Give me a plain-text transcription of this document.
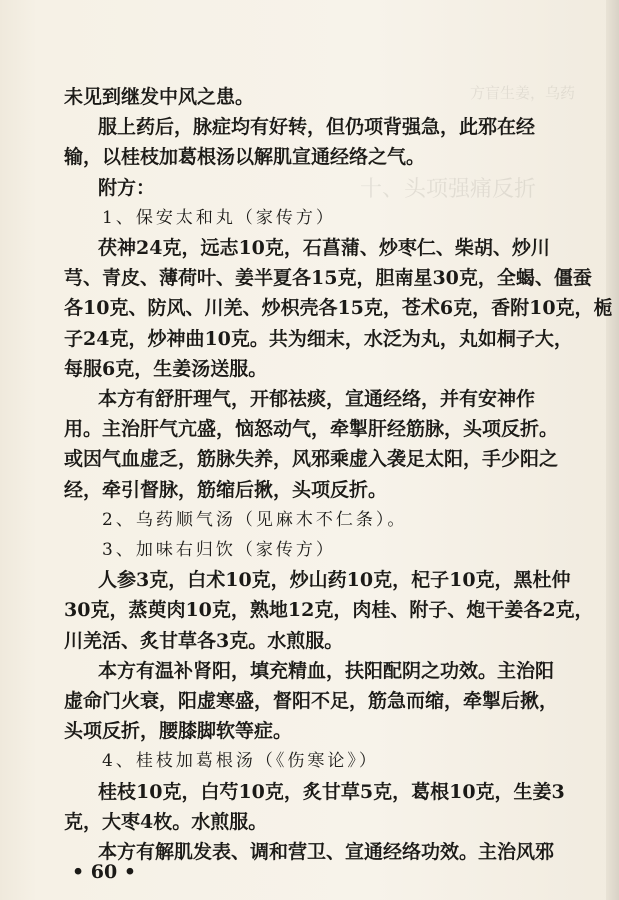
方盲生姜，乌药
十、头项强痛反折
未见到继发中风之患。
服上药后，脉症均有好转，但仍项背强急，此邪在经
输，以桂枝加葛根汤以解肌宣通经络之气。
附方：
1、保安太和丸（家传方）
茯神24克，远志10克，石菖蒲、炒枣仁、柴胡、炒川
芎、青皮、薄荷叶、姜半夏各15克，胆南星30克，全蝎、僵蚕
各10克、防风、川羌、炒枳壳各15克，苍术6克，香附10克，栀
子24克，炒神曲10克。共为细末，水泛为丸，丸如桐子大，
每服6克，生姜汤送服。
本方有舒肝理气，开郁祛痰，宣通经络，并有安神作
用。主治肝气亢盛，恼怒动气，牵掣肝经筋脉，头项反折。
或因气血虚乏，筋脉失养，风邪乘虚入袭足太阳，手少阳之
经，牵引督脉，筋缩后揪，头项反折。
2、乌药顺气汤（见麻木不仁条）。
3、加味右归饮（家传方）
人参3克，白术10克，炒山药10克，杞子10克，黑杜仲
30克，蒸萸肉10克，熟地12克，肉桂、附子、炮干姜各2克，
川羌活、炙甘草各3克。水煎服。
本方有温补肾阳，填充精血，扶阳配阴之功效。主治阳
虚命门火衰，阳虚寒盛，督阳不足，筋急而缩，牵掣后揪，
头项反折，腰膝脚软等症。
4、桂枝加葛根汤（《伤寒论》）
桂枝10克，白芍10克，炙甘草5克，葛根10克，生姜3
克，大枣4枚。水煎服。
本方有解肌发表、调和营卫、宣通经络功效。主治风邪
• 60 •
